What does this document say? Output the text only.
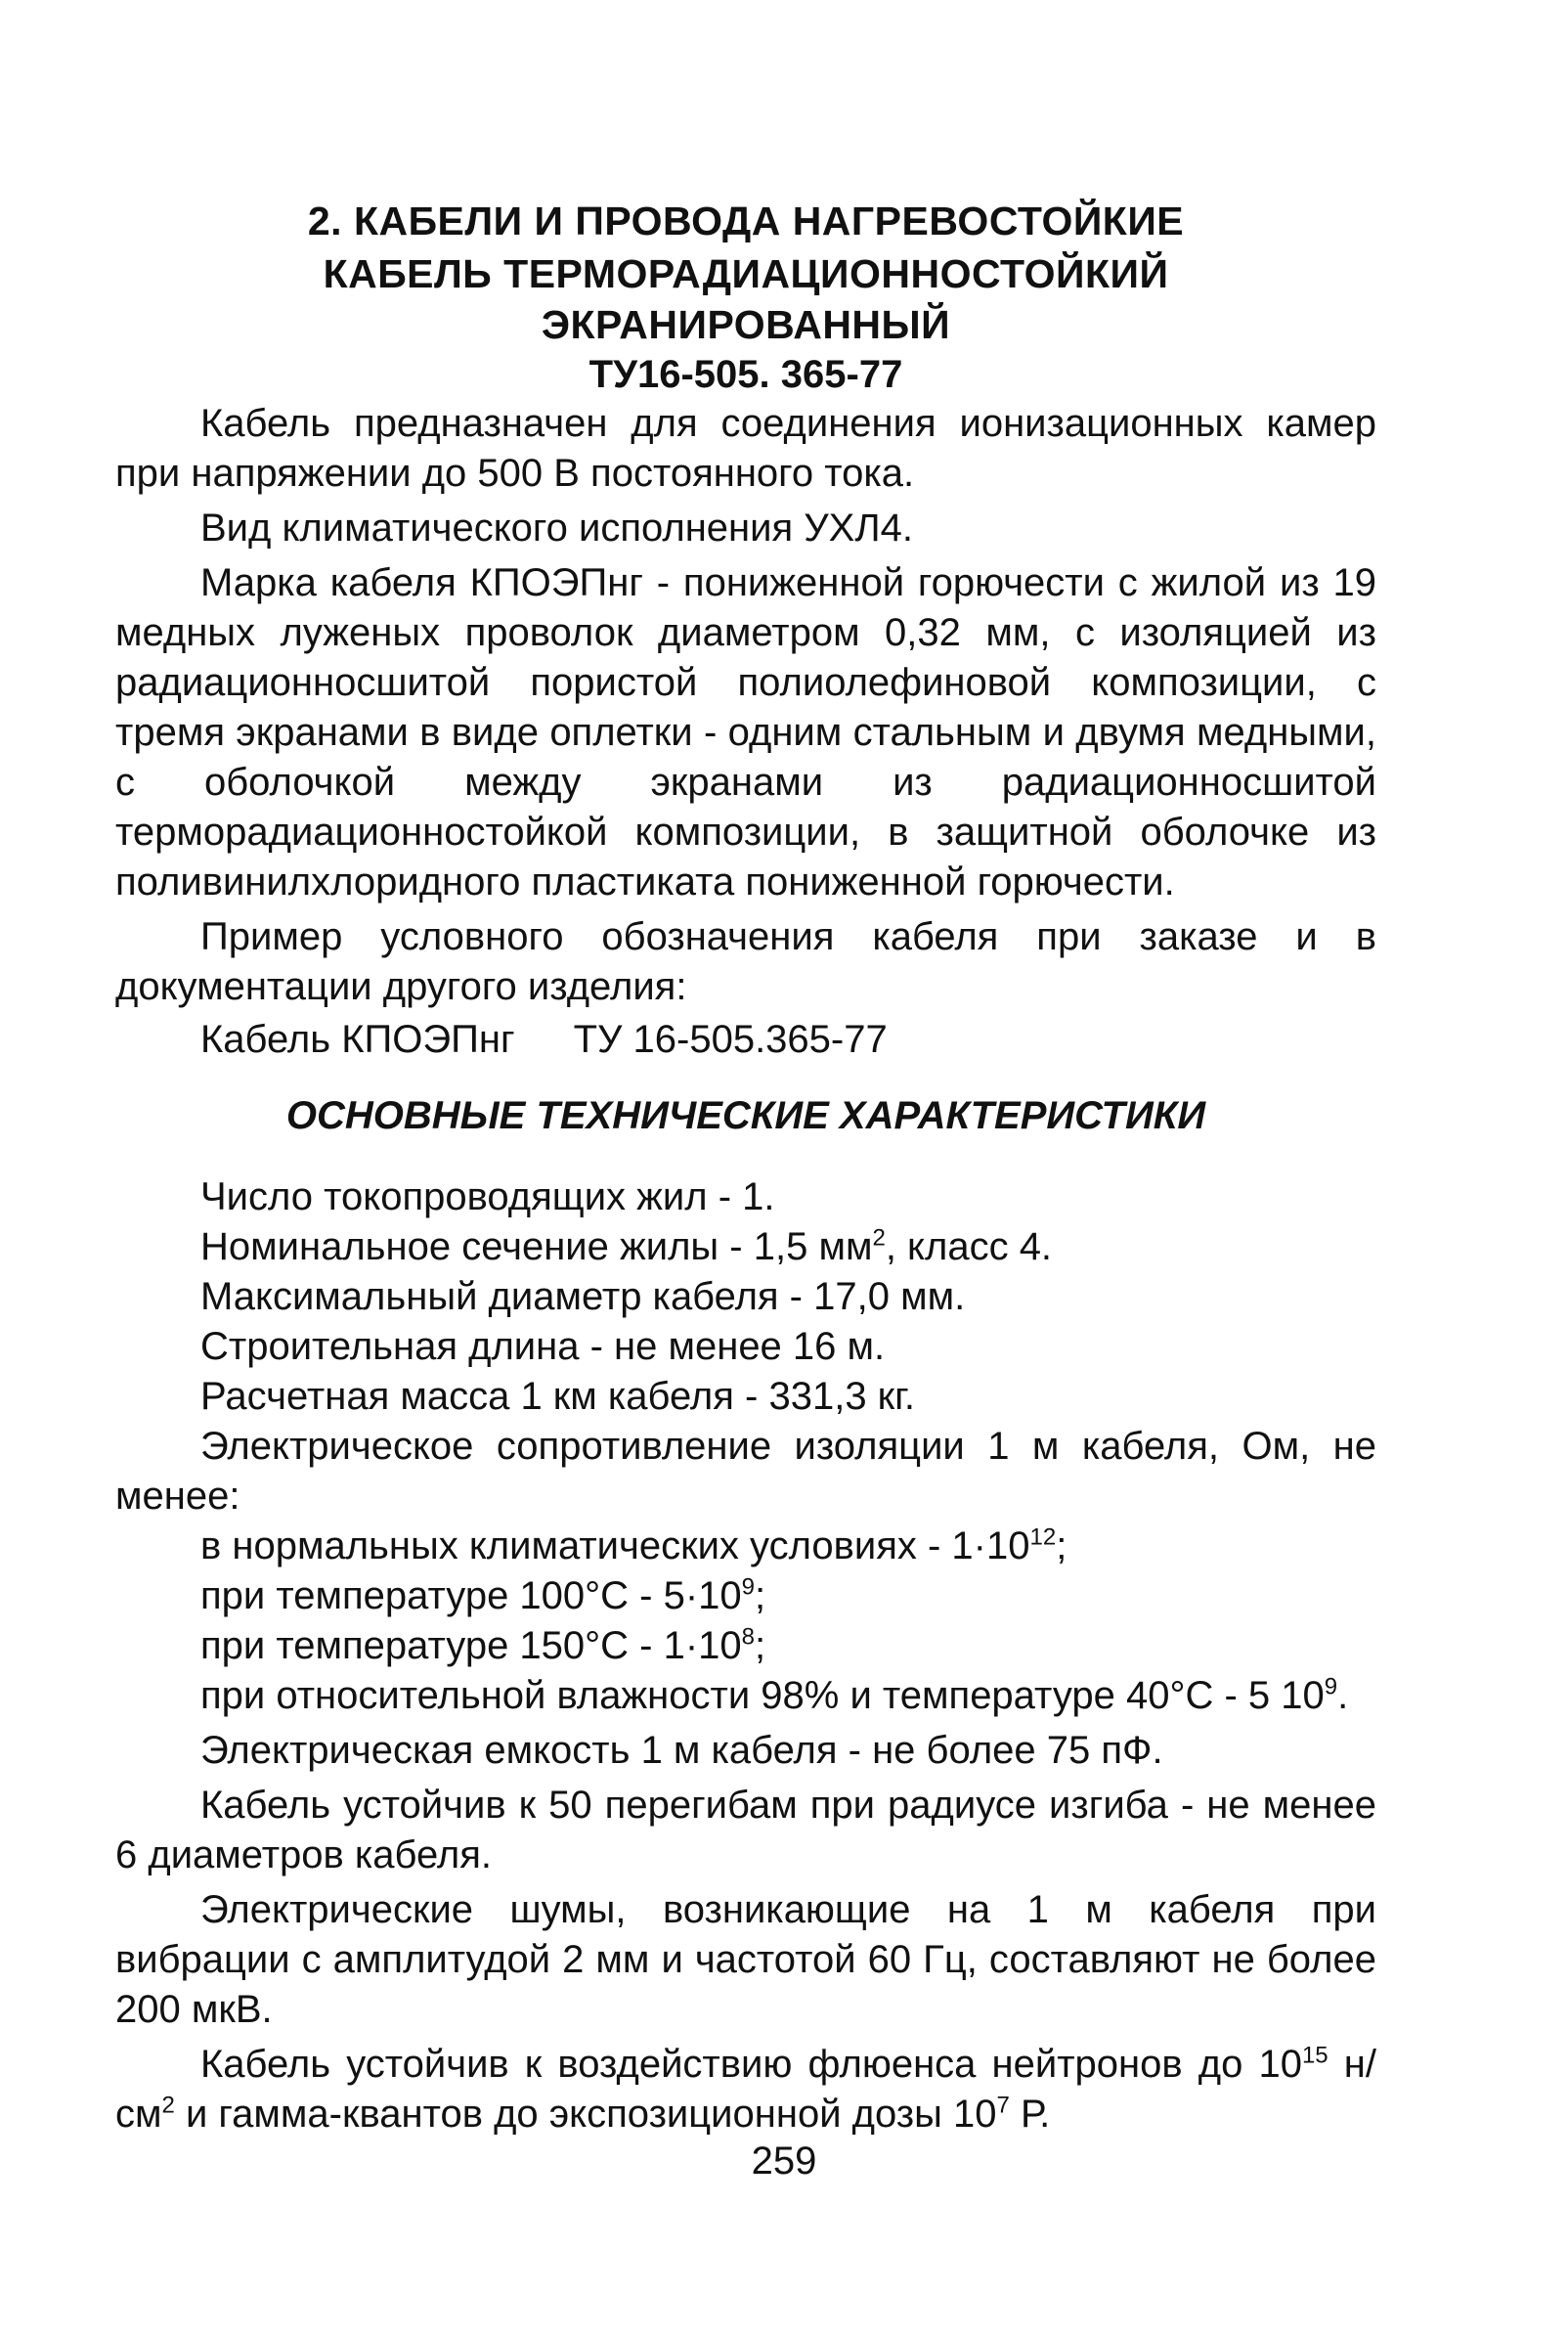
2. КАБЕЛИ И ПРОВОДА НАГРЕВОСТОЙКИЕ
КАБЕЛЬ ТЕРМОРАДИАЦИОННОСТОЙКИЙ ЭКРАНИРОВАННЫЙ
ТУ16-505. 365-77

Кабель предназначен для соединения ионизационных камер при напряжении до 500 В постоянного тока.

Вид климатического исполнения УХЛ4.

Марка кабеля КПОЭПнг - пониженной горючести с жилой из 19 медных луженых проволок диаметром 0,32 мм, с изоляцией из радиационносшитой пористой полиолефиновой композиции, с тремя экранами в виде оплетки - одним стальным и двумя медными, с оболочкой между экранами из радиационносшитой терморадиационностойкой композиции, в защитной оболочке из поливинилхлоридного пластиката пониженной горючести.

Пример условного обозначения кабеля при заказе и в документации другого изделия:

Кабель КПОЭПнг ТУ 16-505.365-77
ОСНОВНЫЕ ТЕХНИЧЕСКИЕ ХАРАКТЕРИСТИКИ
Число токопроводящих жил - 1.
Номинальное сечение жилы - 1,5 $мм^2$, класс 4.
Максимальный диаметр кабеля - 17,0 мм.
Строительная длина - не менее 16 м.
Расчетная масса 1 км кабеля - 331,3 кг.

Электрическое сопротивление изоляции 1 м кабеля, Ом, не менее:

в нормальных климатических условиях - $1\cdot 10^{12}$;
при температуре $100^\circ С - 5\cdot 10^9$;
при температуре $150^\circ С - 1\cdot 10^8$;

при относительной влажности 98% и температуре 40°С - 5 $10^9$.

Электрическая емкость 1 м кабеля - не более 75 пФ.

Кабель устойчив к 50 перегибам при радиусе изгиба - не менее 6 диаметров кабеля.

Электрические шумы, возникающие на 1 м кабеля при вибрации с амплитудой 2 мм и частотой 60 Гц, составляют не более 200 мкВ.

Кабель устойчив к воздействию флюенса нейтронов до $10^{15}$ $н/см^2$ и гамма-квантов до экспозиционной дозы $10^7$ Р.

259
